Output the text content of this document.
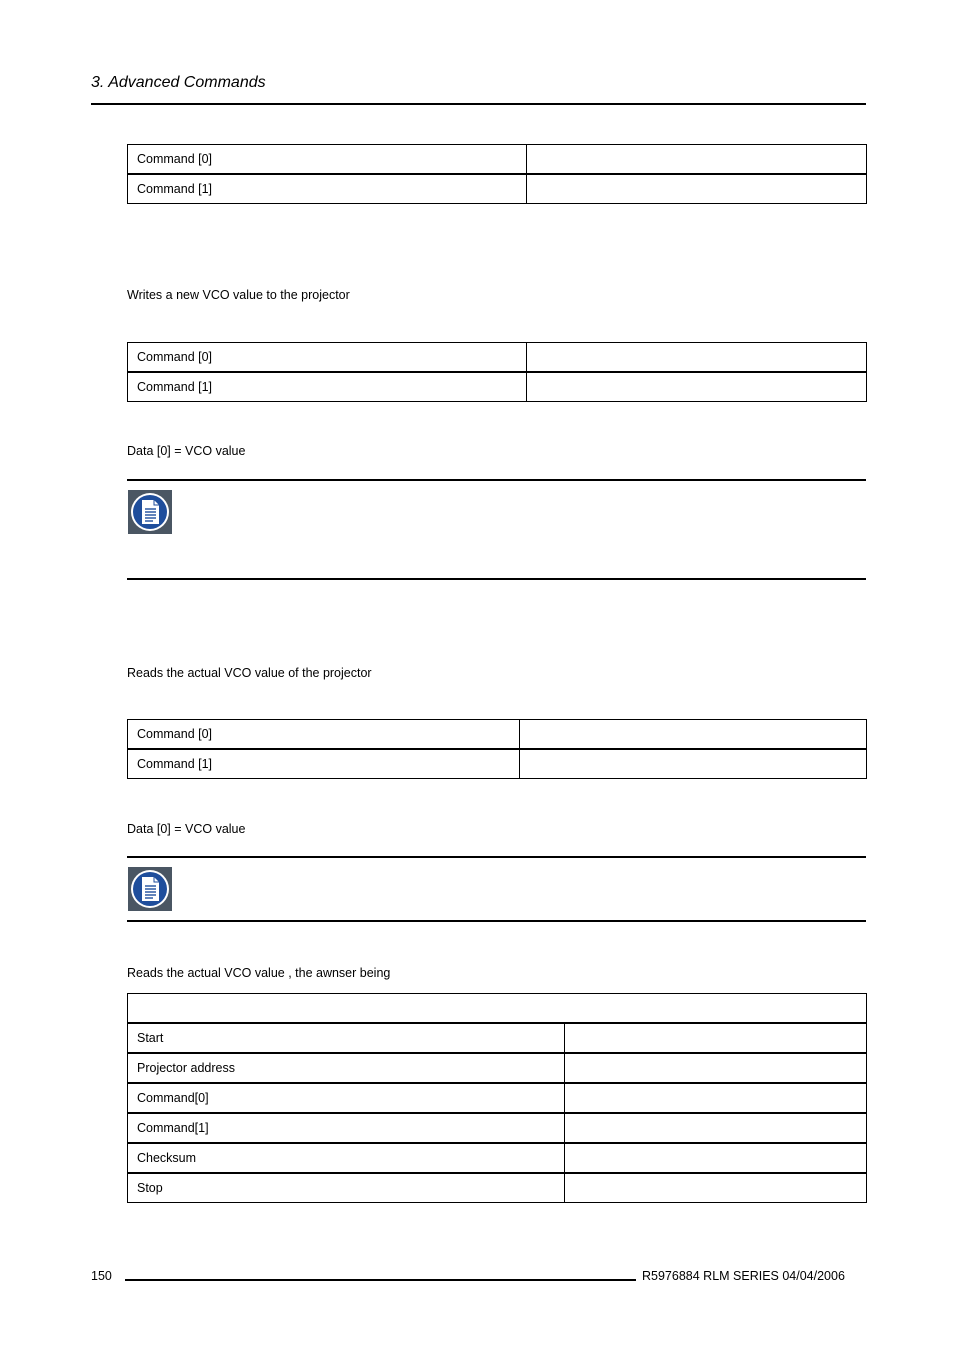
3. Advanced Commands
Command [0]	
Command [1]	
Writes a new VCO value to the projector
Command [0]	
Command [1]	
Data [0] = VCO value
Reads the actual VCO value of the projector
Command [0]	
Command [1]	
Data [0] = VCO value
Reads the actual VCO value , the awnser being

Start	
Projector address	
Command[0]	
Command[1]	
Checksum	
Stop	
150	R5976884 RLM SERIES 04/04/2006
